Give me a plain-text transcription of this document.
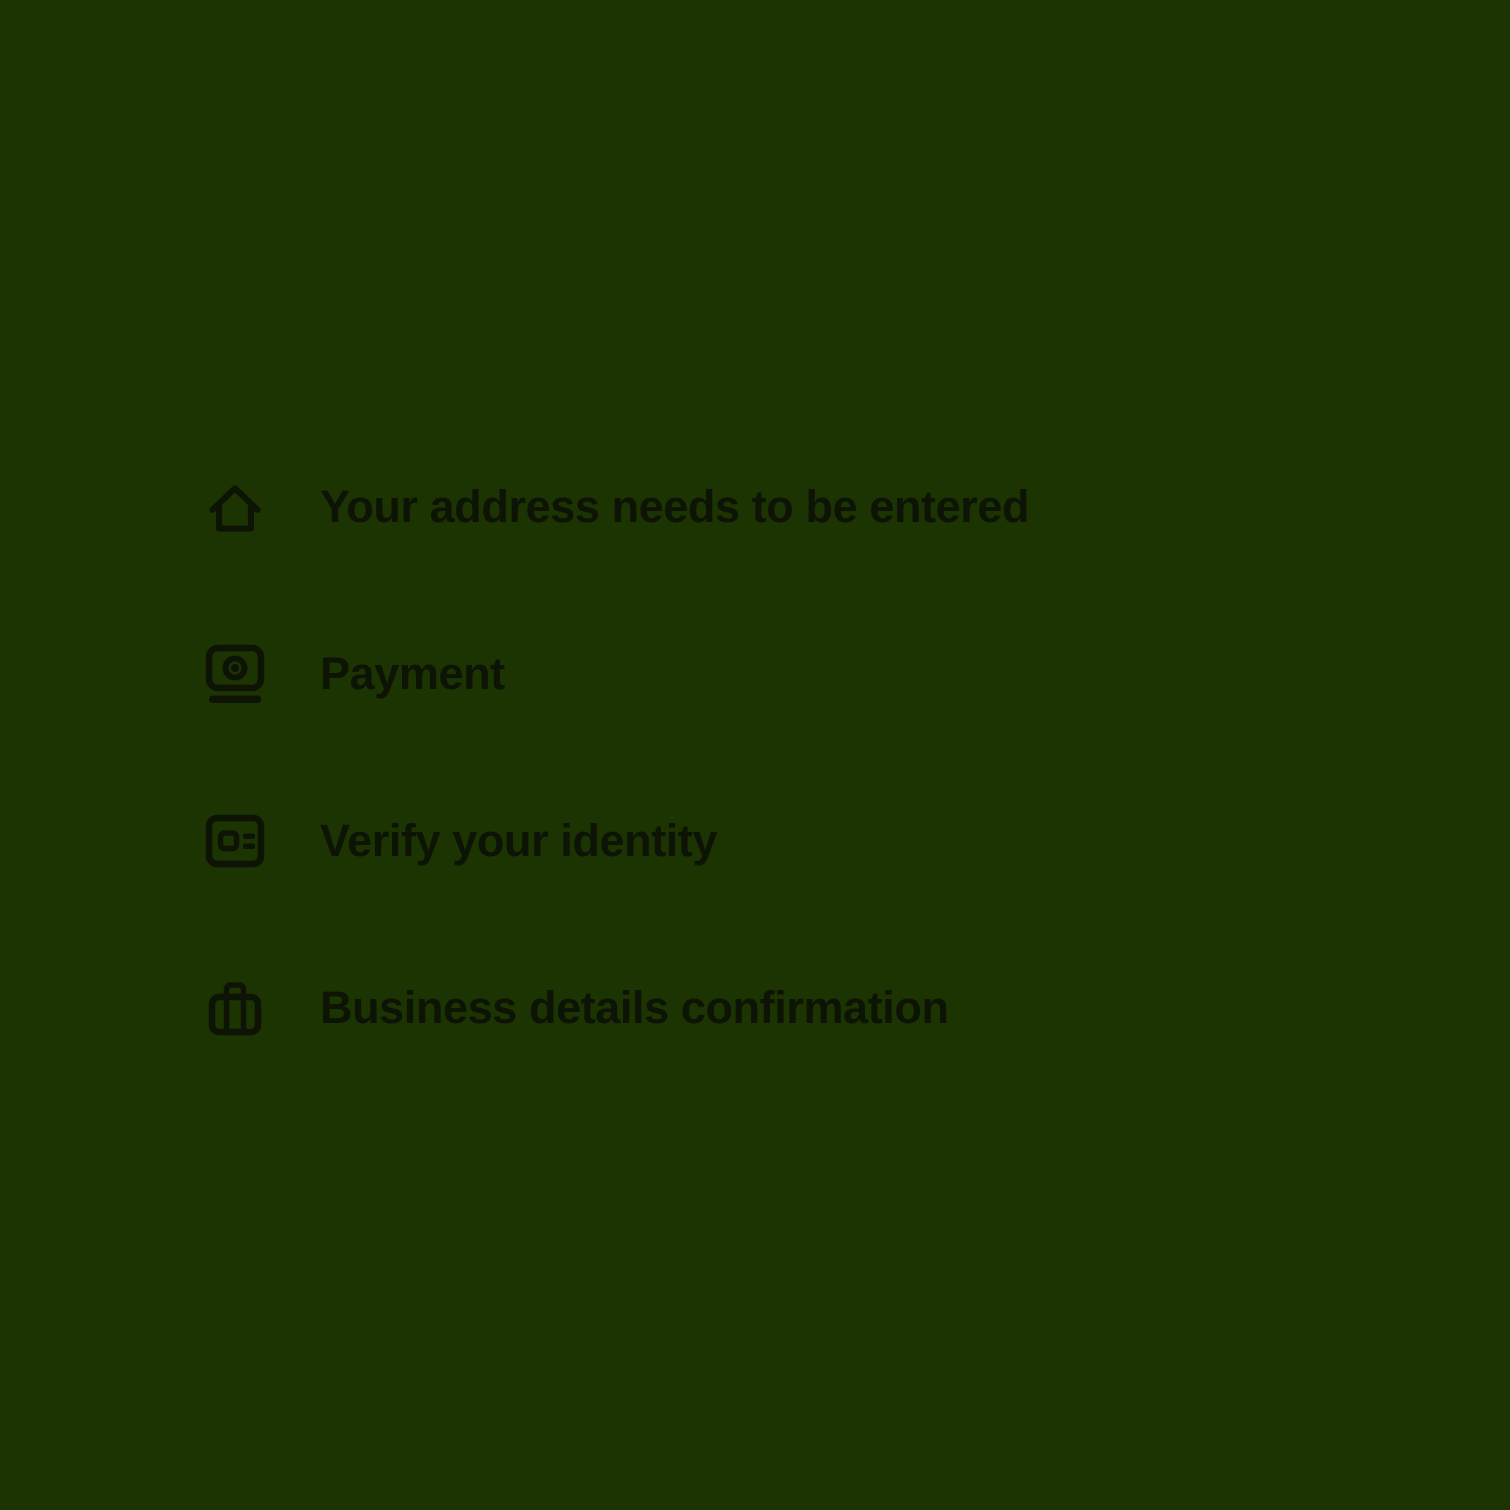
Your address needs to be entered
Payment
Verify your identity
Business details confirmation
